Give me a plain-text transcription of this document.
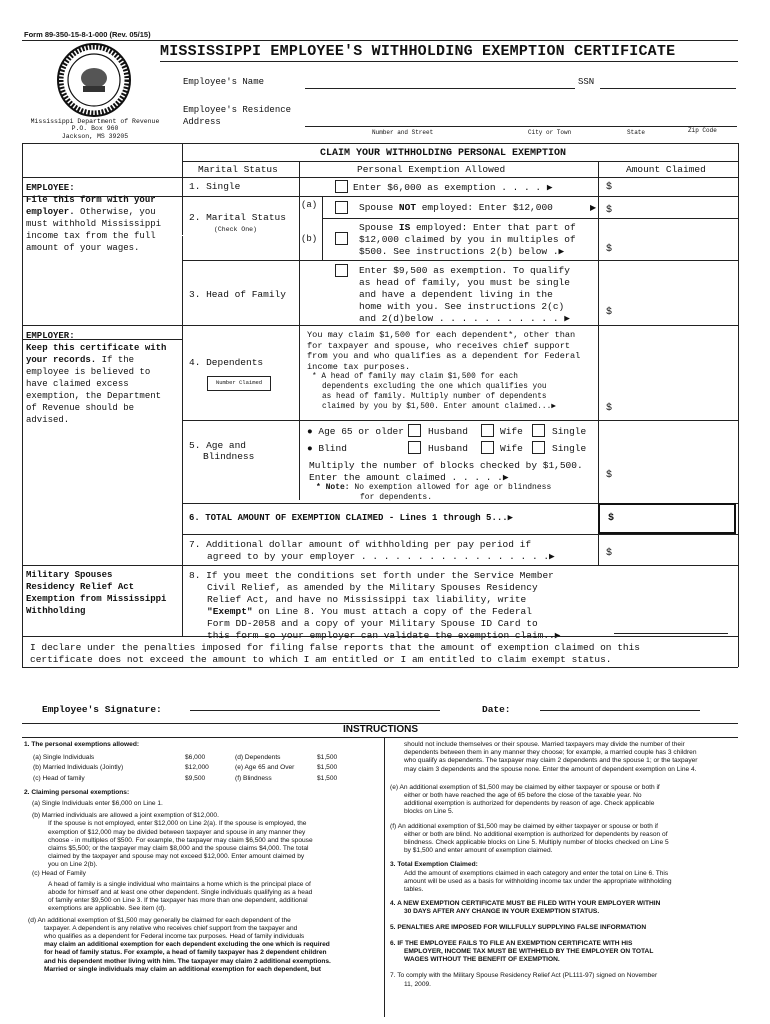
Form 89-350-15-8-1-000 (Rev. 05/15)
Mississippi Department of Revenue
P.O. Box 960
Jackson, MS 39205
MISSISSIPPI EMPLOYEE'S WITHHOLDING EXEMPTION CERTIFICATE
Employee's Name	SSN
Employee's Residence
Address
Number and Street	City or Town	State	Zip Code
CLAIM YOUR WITHHOLDING PERSONAL EXEMPTION
Marital Status	Personal Exemption Allowed	Amount Claimed
1. Single	Enter $6,000 as exemption . . . . ▶	$
2. Marital Status
(Check One)
(a)	Spouse NOT employed: Enter $12,000	▶ $
(b)
Spouse IS employed: Enter that part of
$12,000 claimed by you in multiples of
$500. See instructions 2(b) below .▶	$
3. Head of Family
Enter $9,500 as exemption. To qualify
as head of family, you must be single
and have a dependent living in the
home with you. See instructions 2(c)
and 2(d)below . . . . . . . . . . . ▶
$
4. Dependents
Number Claimed
You may claim $1,500 for each dependent*, other than
for taxpayer and spouse, who receives chief support
from you and who qualifies as a dependent for Federal
income tax purposes.
* A head of family may claim $1,500 for each
dependents excluding the one which qualifies you
as head of family. Multiply number of dependents
claimed by you by $1,500. Enter amount claimed...▶	$
5. Age and
Blindness
● Age 65 or older	Husband	Wife	Single
● Blind	Husband	Wife	Single
Multiply the number of blocks checked by $1,500.
Enter the amount claimed . . . . .▶
* Note: No exemption allowed for age or blindness
for dependents.
$
6. TOTAL AMOUNT OF EXEMPTION CLAIMED - Lines 1 through 5...▶	$
7. Additional dollar amount of withholding per pay period if
agreed to by your employer . . . . . . . . . . . . . . . . .▶	$
8. If you meet the conditions set forth under the Service Member
Civil Relief, as amended by the Military Spouses Residency
Relief Act, and have no Mississippi tax liability, write
"Exempt" on Line 8. You must attach a copy of the Federal
Form DD-2058 and a copy of your Military Spouse ID Card to
this form so your employer can validate the exemption claim..▶
EMPLOYEE:
File this form with your
employer. Otherwise, you
must withhold Mississippi
income tax from the full
amount of your wages.
EMPLOYER:
Keep this certificate with
your records. If the
employee is believed to
have claimed excess
exemption, the Department
of Revenue should be
advised.
Military Spouses
Residency Relief Act
Exemption from Mississippi
Withholding
I declare under the penalties imposed for filing false reports that the amount of exemption claimed on this
certificate does not exceed the amount to which I am entitled or I am entitled to claim exempt status.
Employee's Signature:	Date:
INSTRUCTIONS
1. The personal exemptions allowed:
(a) Single Individuals	$6,000	(d) Dependents	$1,500
(b) Married Individuals (Jointly)	$12,000	(e) Age 65 and Over	$1,500
(c) Head of family	$9,500	(f) Blindness	$1,500
2. Claiming personal exemptions:
(a) Single Individuals enter $6,000 on Line 1.
(b) Married individuals are allowed a joint exemption of $12,000.
If the spouse is not employed, enter $12,000 on Line 2(a). If the spouse is employed, the
exemption of $12,000 may be divided between taxpayer and spouse in any manner they
choose - in multiples of $500. For example, the taxpayer may claim $6,500 and the spouse
claims $5,500; or the taxpayer may claim $8,000 and the spouse claims $4,000. The total
claimed by the taxpayer and spouse may not exceed $12,000. Enter amount claimed by
you on Line 2(b).
(c) Head of Family
A head of family is a single individual who maintains a home which is the principal place of
abode for himself and at least one other dependent. Single individuals qualifying as a head
of family enter $9,500 on Line 3. If the taxpayer has more than one dependent, additional
exemptions are applicable. See item (d).
(d) An additional exemption of $1,500 may generally be claimed for each dependent of the
taxpayer. A dependent is any relative who receives chief support from the taxpayer and
who qualifies as a dependent for Federal income tax purposes. Head of family individuals
may claim an additional exemption for each dependent excluding the one which is required
for head of family status. For example, a head of family taxpayer has 2 dependent children
and his dependent mother living with him. The taxpayer may claim 2 additional exemptions.
Married or single individuals may claim an additional exemption for each dependent, but
should not include themselves or their spouse. Married taxpayers may divide the number of their
dependents between them in any manner they choose; for example, a married couple has 3 children
who qualify as dependents. The taxpayer may claim 2 dependents and the spouse 1; or the taxpayer
may claim 3 dependents and the spouse none. Enter the amount of dependent exemption on Line 4.
(e) An additional exemption of $1,500 may be claimed by either taxpayer or spouse or both if
either or both have reached the age of 65 before the close of the taxable year. No
additional exemption is authorized for dependents by reason of age. Check applicable
blocks on Line 5.
(f) An additional exemption of $1,500 may be claimed by either taxpayer or spouse or both if
either or both are blind. No additional exemption is authorized for dependents by reason of
blindness. Check applicable blocks on Line 5. Multiply number of blocks checked on Line 5
by $1,500 and enter amount of exemption claimed.
3. Total Exemption Claimed:
Add the amount of exemptions claimed in each category and enter the total on Line 6. This
amount will be used as a basis for withholding income tax under the appropriate withholding
tables.
4. A NEW EXEMPTION CERTIFICATE MUST BE FILED WITH YOUR EMPLOYER WITHIN
30 DAYS AFTER ANY CHANGE IN YOUR EXEMPTION STATUS.
5. PENALTIES ARE IMPOSED FOR WILLFULLY SUPPLYING FALSE INFORMATION
6. IF THE EMPLOYEE FAILS TO FILE AN EXEMPTION CERTIFICATE WITH HIS
EMPLOYER, INCOME TAX MUST BE WITHHELD BY THE EMPLOYER ON TOTAL
WAGES WITHOUT THE BENEFIT OF EXEMPTION.
7. To comply with the Military Spouse Residency Relief Act (PL111-97) signed on November
11, 2009.
